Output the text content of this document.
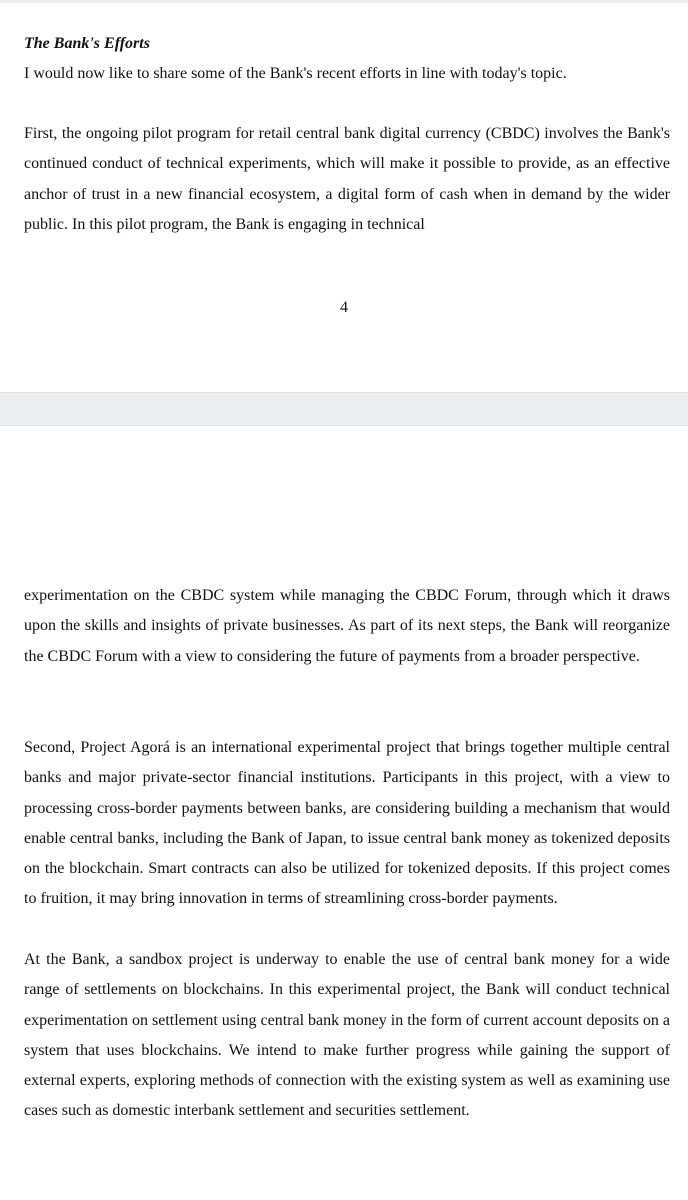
The Bank's Efforts

I would now like to share some of the Bank's recent efforts in line with today's topic.

First, the ongoing pilot program for retail central bank digital currency (CBDC) involves the Bank's continued conduct of technical experiments, which will make it possible to provide, as an effective anchor of trust in a new financial ecosystem, a digital form of cash when in demand by the wider public. In this pilot program, the Bank is engaging in technical

4

experimentation on the CBDC system while managing the CBDC Forum, through which it draws upon the skills and insights of private businesses. As part of its next steps, the Bank will reorganize the CBDC Forum with a view to considering the future of payments from a broader perspective.

Second, Project Agorá is an international experimental project that brings together multiple central banks and major private-sector financial institutions. Participants in this project, with a view to processing cross-border payments between banks, are considering building a mechanism that would enable central banks, including the Bank of Japan, to issue central bank money as tokenized deposits on the blockchain. Smart contracts can also be utilized for tokenized deposits. If this project comes to fruition, it may bring innovation in terms of streamlining cross-border payments.

At the Bank, a sandbox project is underway to enable the use of central bank money for a wide range of settlements on blockchains. In this experimental project, the Bank will conduct technical experimentation on settlement using central bank money in the form of current account deposits on a system that uses blockchains. We intend to make further progress while gaining the support of external experts, exploring methods of connection with the existing system as well as examining use cases such as domestic interbank settlement and securities settlement.
